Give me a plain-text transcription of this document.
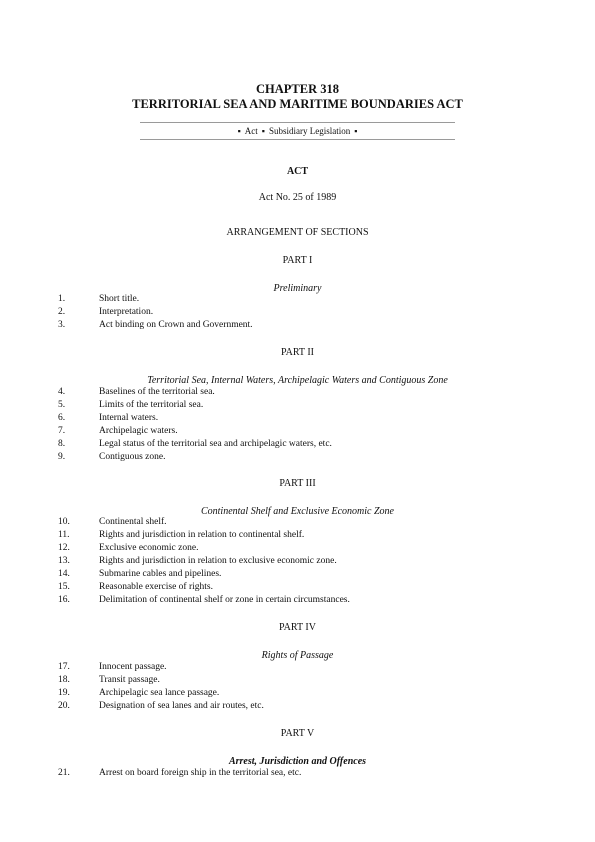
CHAPTER 318
TERRITORIAL SEA AND MARITIME BOUNDARIES ACT
▪ Act ▪ Subsidiary Legislation ▪
ACT
Act No. 25 of 1989
ARRANGEMENT OF SECTIONS
PART I
Preliminary
1.	Short title.
2.	Interpretation.
3.	Act binding on Crown and Government.
PART II
Territorial Sea, Internal Waters, Archipelagic Waters and Contiguous Zone
4.	Baselines of the territorial sea.
5.	Limits of the territorial sea.
6.	Internal waters.
7.	Archipelagic waters.
8.	Legal status of the territorial sea and archipelagic waters, etc.
9.	Contiguous zone.
PART III
Continental Shelf and Exclusive Economic Zone
10.	Continental shelf.
11.	Rights and jurisdiction in relation to continental shelf.
12.	Exclusive economic zone.
13.	Rights and jurisdiction in relation to exclusive economic zone.
14.	Submarine cables and pipelines.
15.	Reasonable exercise of rights.
16.	Delimitation of continental shelf or zone in certain circumstances.
PART IV
Rights of Passage
17.	Innocent passage.
18.	Transit passage.
19.	Archipelagic sea lance passage.
20.	Designation of sea lanes and air routes, etc.
PART V
Arrest, Jurisdiction and Offences
21.	Arrest on board foreign ship in the territorial sea, etc.
